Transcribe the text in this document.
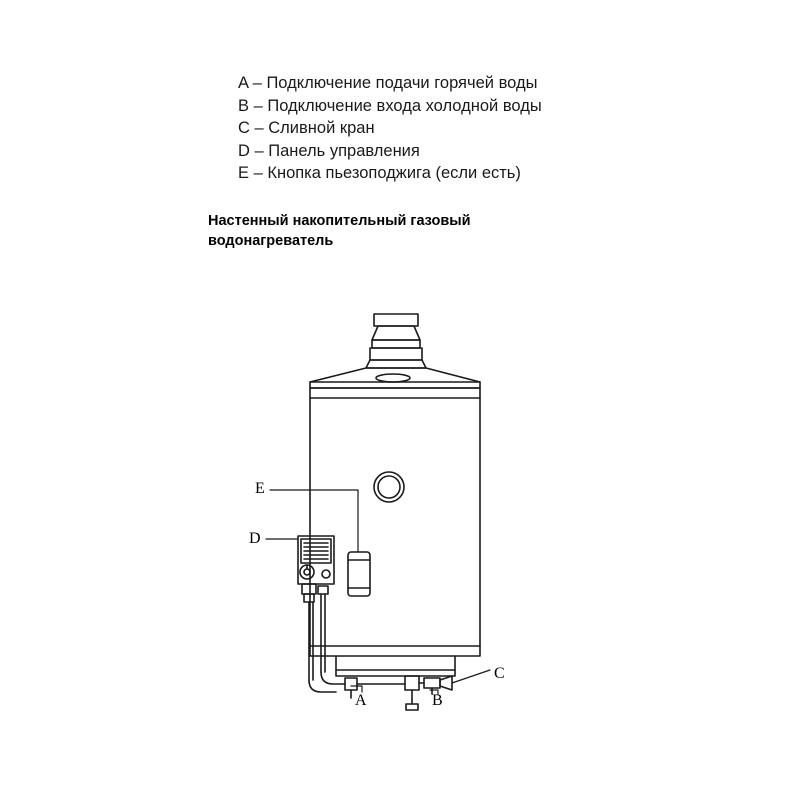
A – Подключение подачи горячей воды
B – Подключение входа холодной воды
C – Сливной кран
D – Панель управления
E – Кнопка пьезоподжига (если есть)
Настенный накопительный газовый
водонагреватель
E
D
C
A	B
